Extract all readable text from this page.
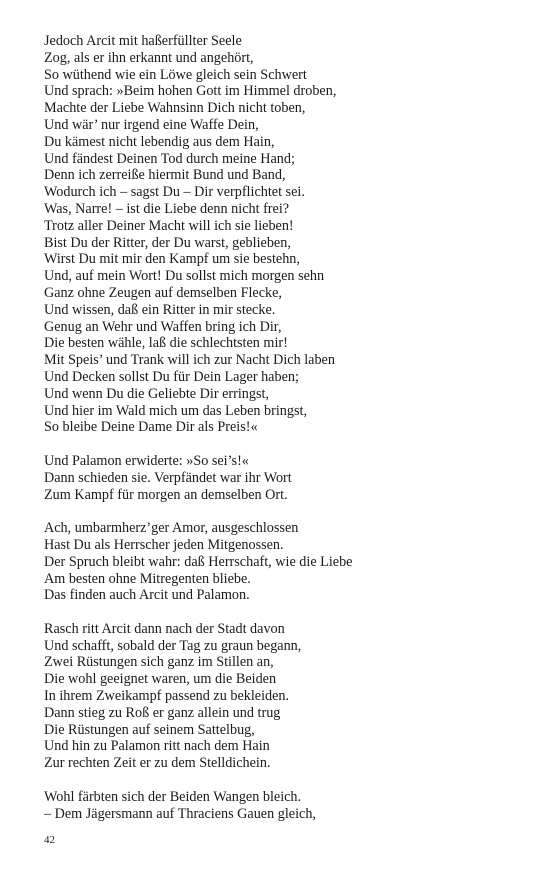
Jedoch Arcit mit haßerfüllter Seele
Zog, als er ihn erkannt und angehört,
So wüthend wie ein Löwe gleich sein Schwert
Und sprach: »Beim hohen Gott im Himmel droben,
Machte der Liebe Wahnsinn Dich nicht toben,
Und wär’ nur irgend eine Waffe Dein,
Du kämest nicht lebendig aus dem Hain,
Und fändest Deinen Tod durch meine Hand;
Denn ich zerreiße hiermit Bund und Band,
Wodurch ich – sagst Du – Dir verpflichtet sei.
Was, Narre! – ist die Liebe denn nicht frei?
Trotz aller Deiner Macht will ich sie lieben!
Bist Du der Ritter, der Du warst, geblieben,
Wirst Du mit mir den Kampf um sie bestehn,
Und, auf mein Wort! Du sollst mich morgen sehn
Ganz ohne Zeugen auf demselben Flecke,
Und wissen, daß ein Ritter in mir stecke.
Genug an Wehr und Waffen bring ich Dir,
Die besten wähle, laß die schlechtsten mir!
Mit Speis’ und Trank will ich zur Nacht Dich laben
Und Decken sollst Du für Dein Lager haben;
Und wenn Du die Geliebte Dir erringst,
Und hier im Wald mich um das Leben bringst,
So bleibe Deine Dame Dir als Preis!«
Und Palamon erwiderte: »So sei’s!«
Dann schieden sie. Verpfändet war ihr Wort
Zum Kampf für morgen an demselben Ort.
Ach, umbarmherz’ger Amor, ausgeschlossen
Hast Du als Herrscher jeden Mitgenossen.
Der Spruch bleibt wahr: daß Herrschaft, wie die Liebe
Am besten ohne Mitregenten bliebe.
Das finden auch Arcit und Palamon.
Rasch ritt Arcit dann nach der Stadt davon
Und schafft, sobald der Tag zu graun begann,
Zwei Rüstungen sich ganz im Stillen an,
Die wohl geeignet waren, um die Beiden
In ihrem Zweikampf passend zu bekleiden.
Dann stieg zu Roß er ganz allein und trug
Die Rüstungen auf seinem Sattelbug,
Und hin zu Palamon ritt nach dem Hain
Zur rechten Zeit er zu dem Stelldichein.
Wohl färbten sich der Beiden Wangen bleich.
– Dem Jägersmann auf Thraciens Gauen gleich,
42
